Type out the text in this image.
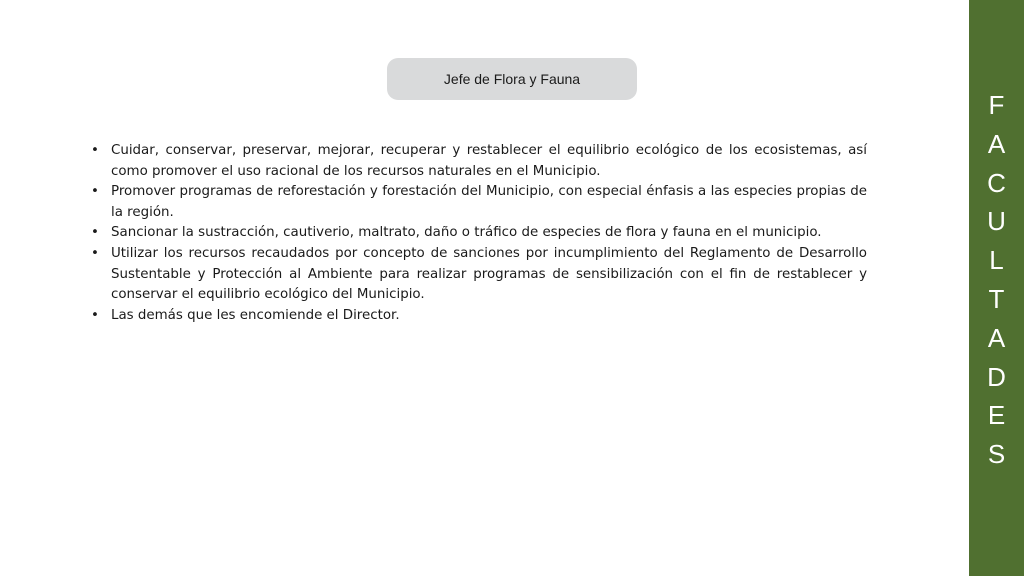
Jefe de Flora y Fauna
• Cuidar, conservar, preservar, mejorar, recuperar y restablecer el equilibrio ecológico de los ecosistemas, así como promover el uso racional de los recursos naturales en el Municipio.
• Promover programas de reforestación y forestación del Municipio, con especial énfasis a las especies propias de la región.
• Sancionar la sustracción, cautiverio, maltrato, daño o tráfico de especies de flora y fauna en el municipio.
• Utilizar los recursos recaudados por concepto de sanciones por incumplimiento del Reglamento de Desarrollo Sustentable y Protección al Ambiente para realizar programas de sensibilización con el fin de restablecer y conservar el equilibrio ecológico del Municipio.
• Las demás que les encomiende el Director.
F
A
C
U
L
T
A
D
E
S
